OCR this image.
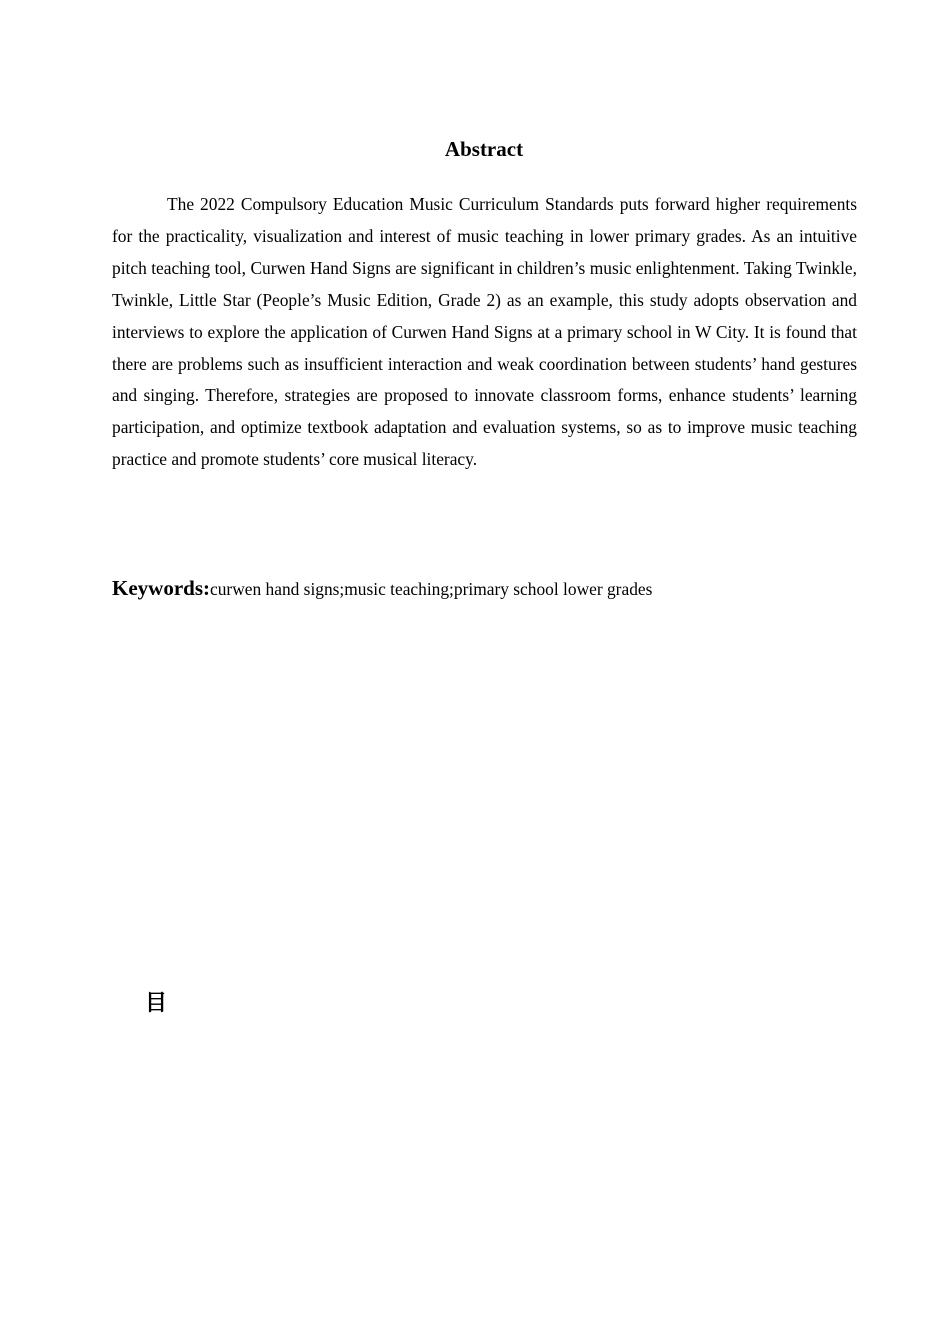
Abstract

The 2022 Compulsory Education Music Curriculum Standards puts forward higher requirements for the practicality, visualization and interest of music teaching in lower primary grades. As an intuitive pitch teaching tool, Curwen Hand Signs are significant in children’s music enlightenment. Taking Twinkle, Twinkle, Little Star (People’s Music Edition, Grade 2) as an example, this study adopts observation and interviews to explore the application of Curwen Hand Signs at a primary school in W City. It is found that there are problems such as insufficient interaction and weak coordination between students’ hand gestures and singing. Therefore, strategies are proposed to innovate classroom forms, enhance students’ learning participation, and optimize textbook adaptation and evaluation systems, so as to improve music teaching practice and promote students’ core musical literacy.

Keywords:curwen hand signs;music teaching;primary school lower grades
目
